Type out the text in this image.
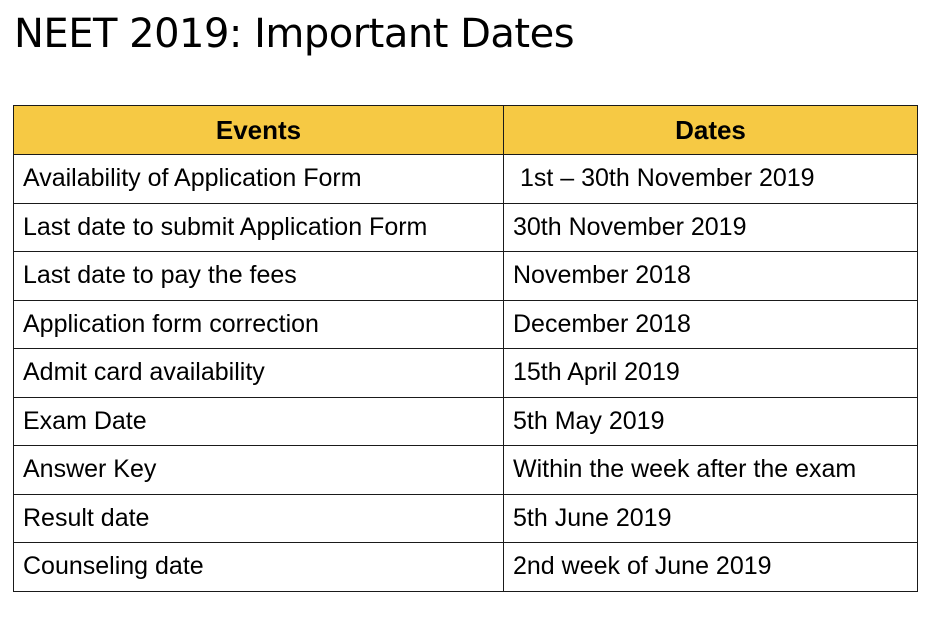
NEET 2019: Important Dates
Events	Dates
Availability of Application Form	1st – 30th November 2019
Last date to submit Application Form	30th November 2019
Last date to pay the fees	November 2018
Application form correction	December 2018
Admit card availability	15th April 2019
Exam Date	5th May 2019
Answer Key	Within the week after the exam
Result date	5th June 2019
Counseling date	2nd week of June 2019
